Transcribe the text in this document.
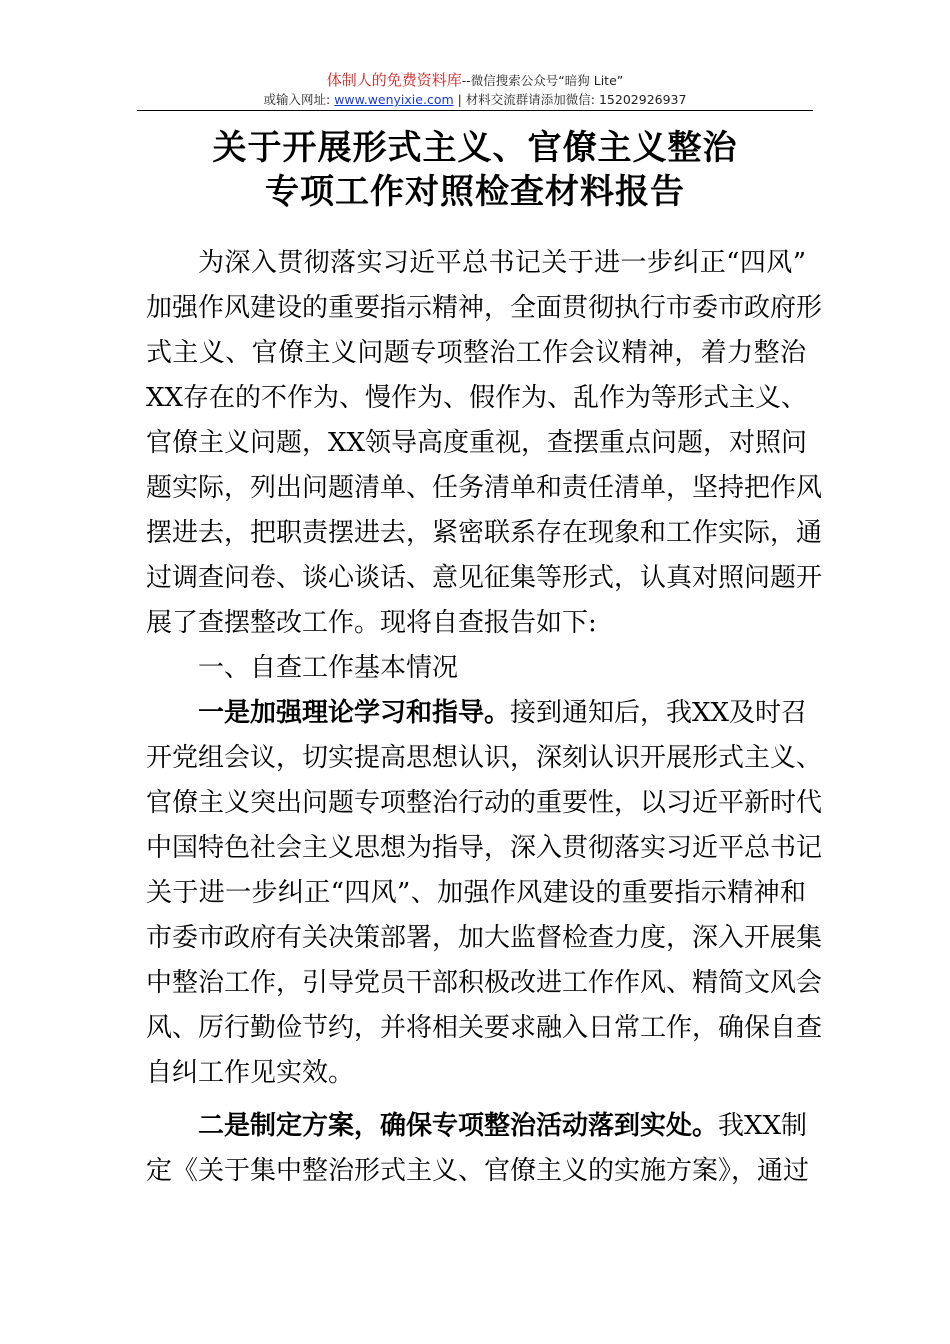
体制人的免费资料库--微信搜索公众号“暗狗 Lite”
或输入网址: www.wenyixie.com | 材料交流群请添加微信: 15202926937
关于开展形式主义、官僚主义整治
专项工作对照检查材料报告
为深入贯彻落实习近平总书记关于进一步纠正“四风”
加强作风建设的重要指示精神，全面贯彻执行市委市政府形
式主义、官僚主义问题专项整治工作会议精神，着力整治
XX存在的不作为、慢作为、假作为、乱作为等形式主义、
官僚主义问题，XX领导高度重视，查摆重点问题，对照问
题实际，列出问题清单、任务清单和责任清单，坚持把作风
摆进去，把职责摆进去，紧密联系存在现象和工作实际，通
过调查问卷、谈心谈话、意见征集等形式，认真对照问题开
展了查摆整改工作。现将自查报告如下:
一、自查工作基本情况
一是加强理论学习和指导。接到通知后，我XX及时召
开党组会议，切实提高思想认识，深刻认识开展形式主义、
官僚主义突出问题专项整治行动的重要性，以习近平新时代
中国特色社会主义思想为指导，深入贯彻落实习近平总书记
关于进一步纠正“四风”、加强作风建设的重要指示精神和
市委市政府有关决策部署，加大监督检查力度，深入开展集
中整治工作，引导党员干部积极改进工作作风、精简文风会
风、厉行勤俭节约，并将相关要求融入日常工作，确保自查
自纠工作见实效。
二是制定方案，确保专项整治活动落到实处。我XX制
定《关于集中整治形式主义、官僚主义的实施方案》，通过
